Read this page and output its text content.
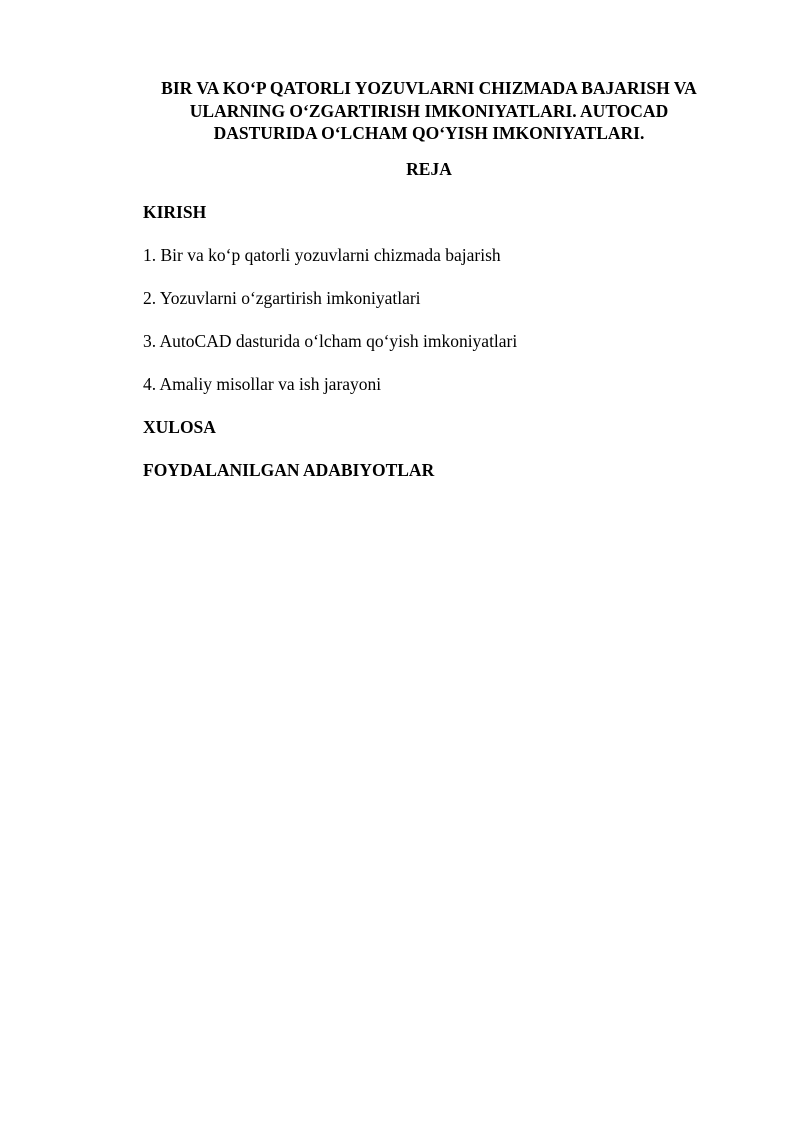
BIR VA KO‘P QATORLI YOZUVLARNI CHIZMADA BAJARISH VA
ULARNING O‘ZGARTIRISH IMKONIYATLARI. AUTOCAD
DASTURIDA O‘LCHAM QO‘YISH IMKONIYATLARI.
REJA
KIRISH
1. Bir va ko‘p qatorli yozuvlarni chizmada bajarish
2. Yozuvlarni o‘zgartirish imkoniyatlari
3. AutoCAD dasturida o‘lcham qo‘yish imkoniyatlari
4. Amaliy misollar va ish jarayoni
XULOSA
FOYDALANILGAN ADABIYOTLAR
